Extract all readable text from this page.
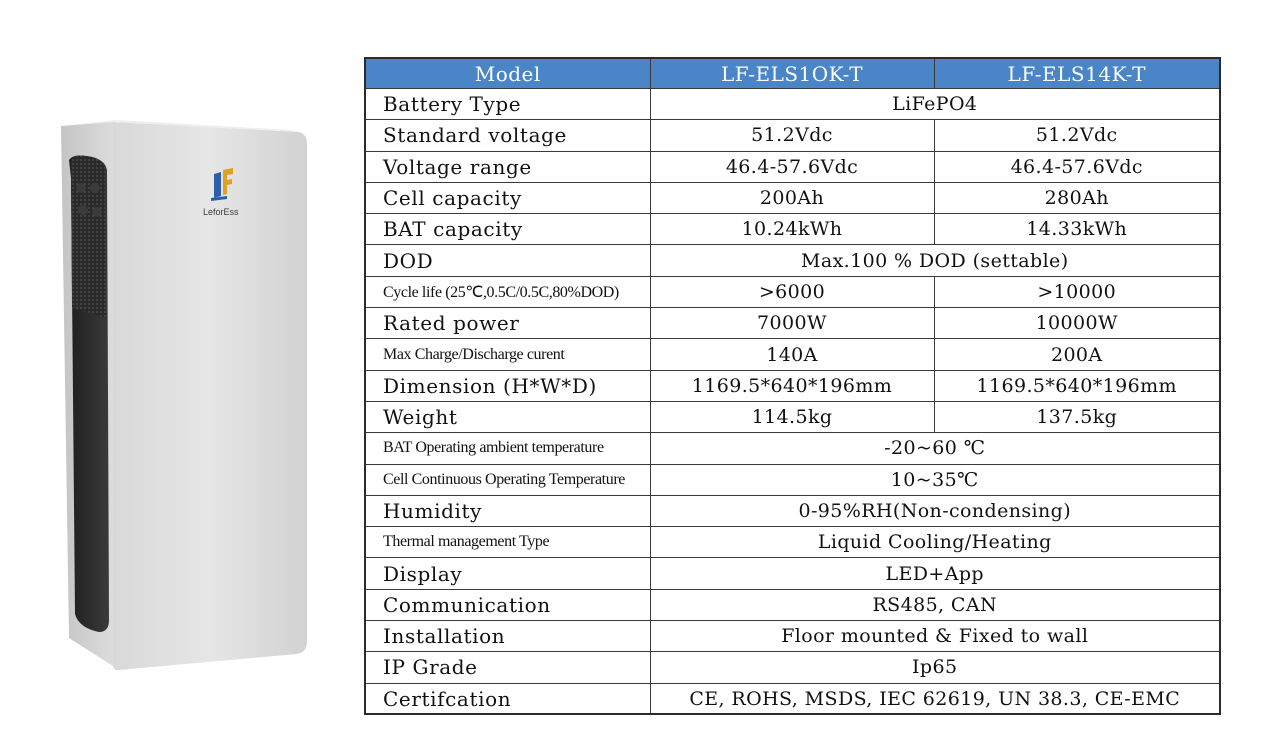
LeforEss
Model	LF-ELS1OK-T	LF-ELS14K-T
Battery Type	LiFePO4	
Standard voltage	51.2Vdc	51.2Vdc
Voltage range	46.4-57.6Vdc	46.4-57.6Vdc
Cell capacity	200Ah	280Ah
BAT capacity	10.24kWh	14.33kWh
DOD	Max.100 % DOD (settable)	
Cycle life (25℃,0.5C/0.5C,80%DOD)	>6000	>10000
Rated power	7000W	10000W
Max Charge/Discharge curent	140A	200A
Dimension (H*W*D)	1169.5*640*196mm	1169.5*640*196mm
Weight	114.5kg	137.5kg
BAT Operating ambient temperature	-20~60 ℃	
Cell Continuous Operating Temperature	10~35℃	
Humidity	0-95%RH(Non-condensing)	
Thermal management Type	Liquid Cooling/Heating	
Display	LED+App	
Communication	RS485, CAN	
Installation	Floor mounted & Fixed to wall	
IP Grade	Ip65	
Certifcation	CE, ROHS, MSDS, IEC 62619, UN 38.3, CE-EMC	
